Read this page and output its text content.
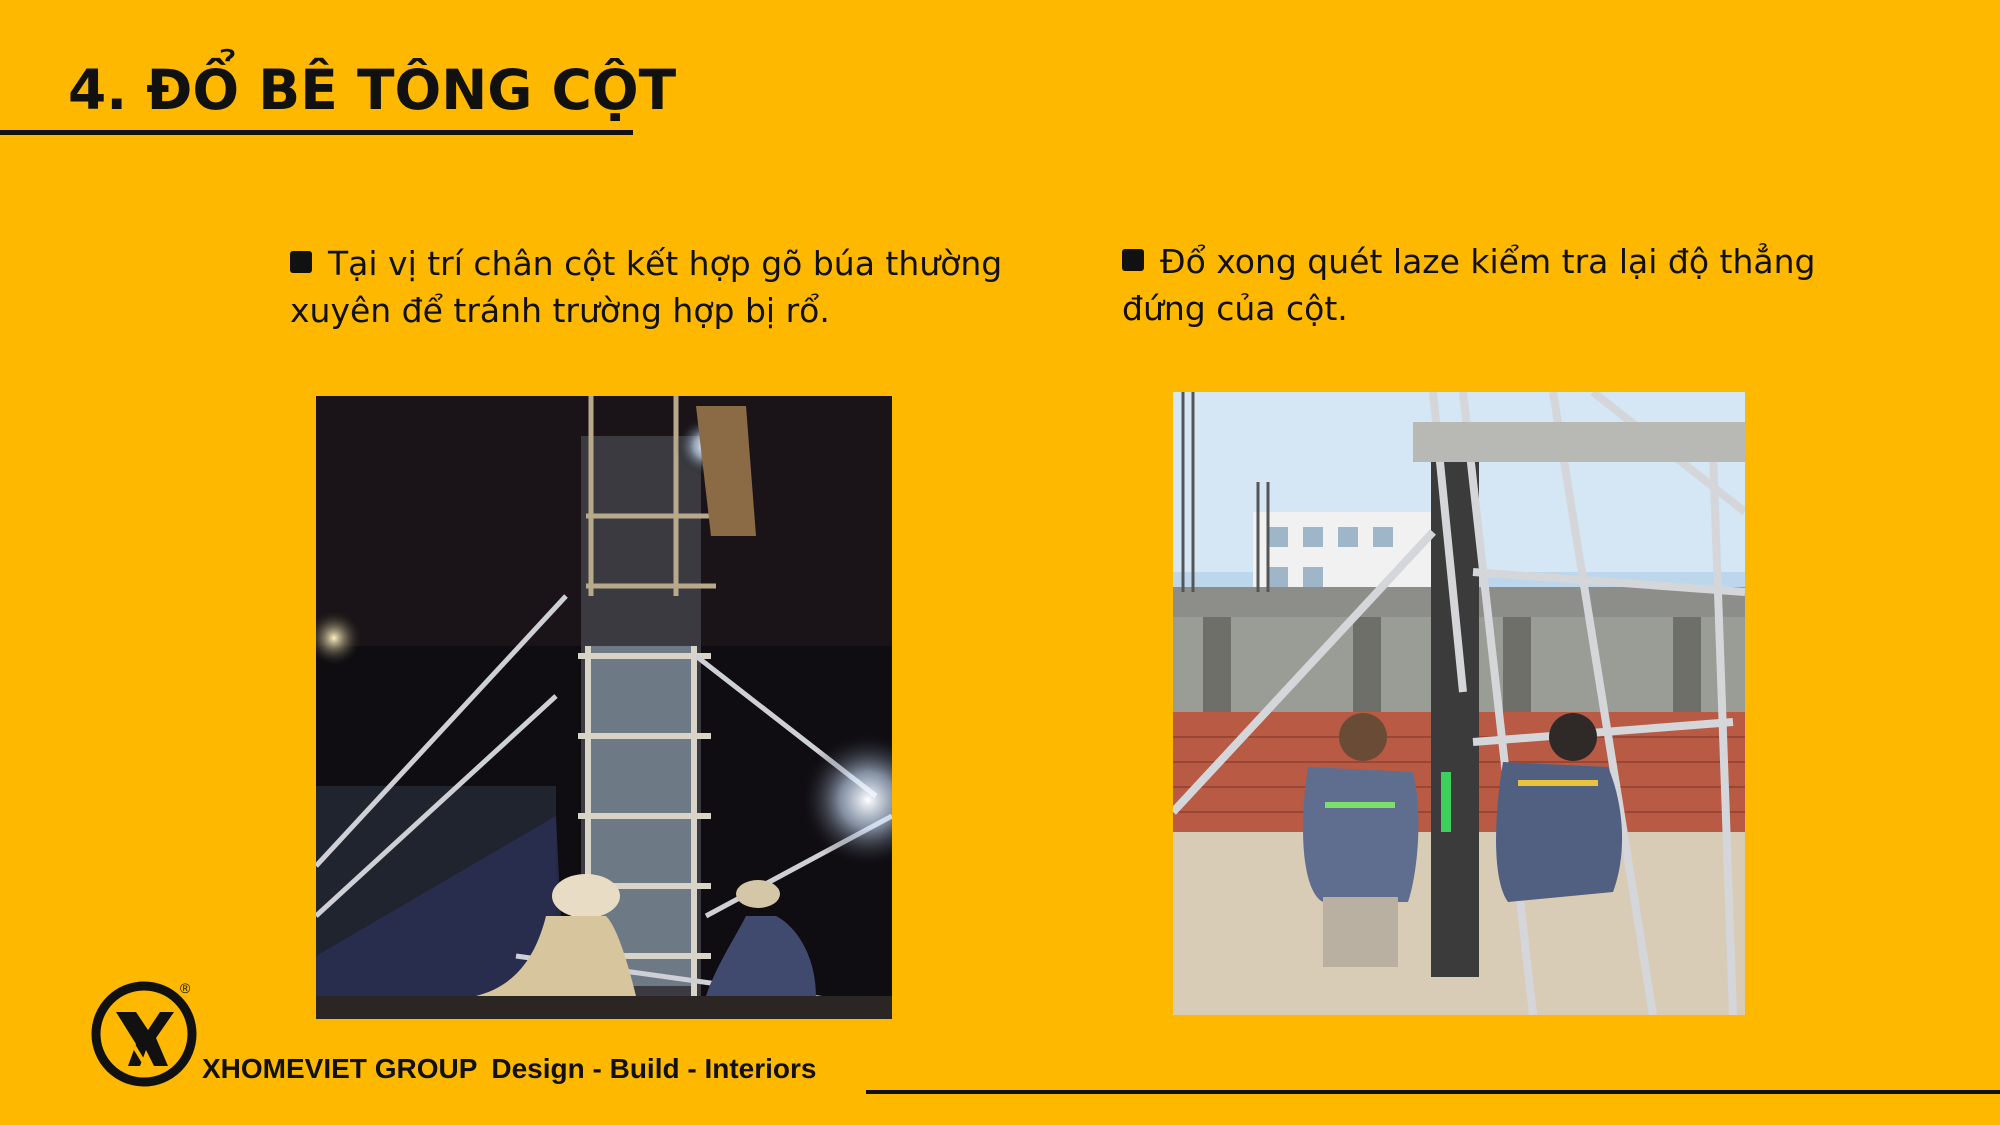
4. ĐỔ BÊ TÔNG CỘT
Tại vị trí chân cột kết hợp gõ búa thường xuyên để tránh trường hợp bị rổ.
Đổ xong quét laze kiểm tra lại độ thẳng đứng của cột.
®
XHOMEVIET GROUP Design - Build - Interiors
